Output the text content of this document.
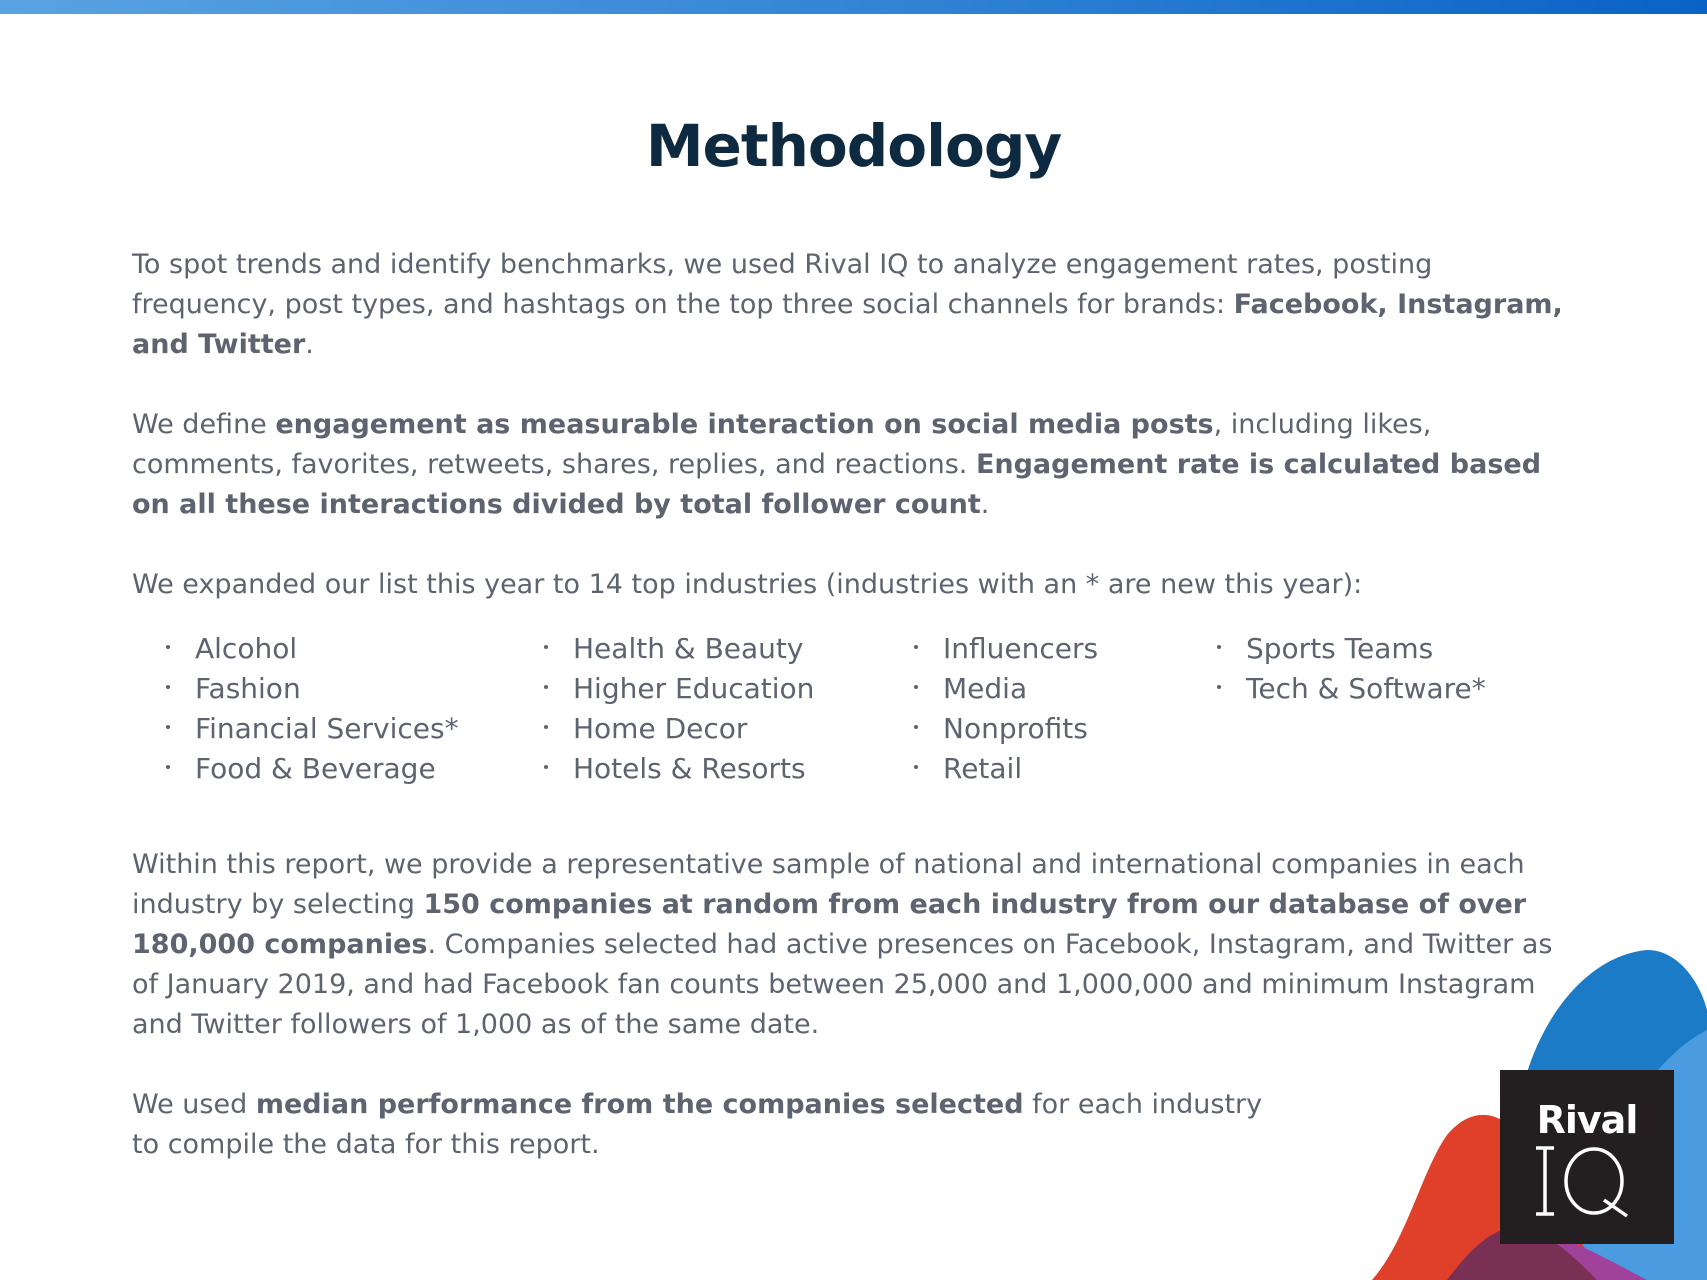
Methodology

To spot trends and identify benchmarks, we used Rival IQ to analyze engagement rates, posting frequency, post types, and hashtags on the top three social channels for brands: Facebook, Instagram, and Twitter.

We define engagement as measurable interaction on social media posts, including likes, comments, favorites, retweets, shares, replies, and reactions. Engagement rate is calculated based on all these interactions divided by total follower count.

We expanded our list this year to 14 top industries (industries with an * are new this year):

Alcohol
Fashion
Financial Services*
Food & Beverage
Health & Beauty
Higher Education
Home Decor
Hotels & Resorts
Influencers
Media
Nonprofits
Retail
Sports Teams
Tech & Software*

Within this report, we provide a representative sample of national and international companies in each industry by selecting 150 companies at random from each industry from our database of over 180,000 companies. Companies selected had active presences on Facebook, Instagram, and Twitter as of January 2019, and had Facebook fan counts between 25,000 and 1,000,000 and minimum Instagram and Twitter followers of 1,000 as of the same date.

We used median performance from the companies selected for each industry
to compile the data for this report.

Rival
